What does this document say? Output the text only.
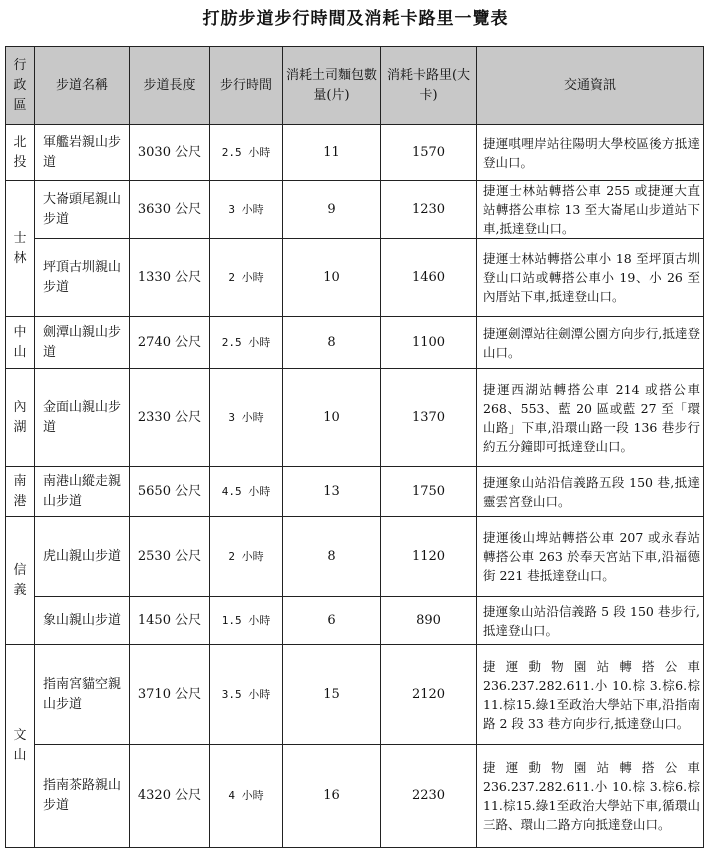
打肪步道步行時間及消耗卡路里一覽表
行政區	步道名稱	步道長度	步行時間	消耗土司麵包數量(片)	消耗卡路里(大卡)	交通資訊
北投	軍艦岩親山步道	3030 公尺	2.5 小時	11	1570	捷運唭哩岸站往陽明大學校區後方抵達登山口。
士林	大崙頭尾親山步道	3630 公尺	3 小時	9	1230	捷運士林站轉搭公車 255 或捷運大直站轉搭公車棕 13 至大崙尾山步道站下車,抵達登山口。
	坪頂古圳親山步道	1330 公尺	2 小時	10	1460	捷運士林站轉搭公車小 18 至坪頂古圳登山口站或轉搭公車小 19、小 26 至內厝站下車,抵達登山口。
中山	劍潭山親山步道	2740 公尺	2.5 小時	8	1100	捷運劍潭站往劍潭公園方向步行,抵達登山口。
內湖	金面山親山步道	2330 公尺	3 小時	10	1370	捷運西湖站轉搭公車 214 或搭公車 268、553、藍 20 區或藍 27 至「環山路」下車,沿環山路一段 136 巷步行約五分鐘即可抵達登山口。
南港	南港山縱走親山步道	5650 公尺	4.5 小時	13	1750	捷運象山站沿信義路五段 150 巷,抵達靈雲宮登山口。
信義	虎山親山步道	2530 公尺	2 小時	8	1120	捷運後山埤站轉搭公車 207 或永春站轉搭公車 263 於奉天宮站下車,沿福德街 221 巷抵達登山口。
	象山親山步道	1450 公尺	1.5 小時	6	890	捷運象山站沿信義路 5 段 150 巷步行,抵達登山口。
文山	指南宮貓空親山步道	3710 公尺	3.5 小時	15	2120	捷運動物園站轉搭公車236.237.282.611.小 10.棕 3.棕6.棕11.棕15.綠1至政治大學站下車,沿指南路 2 段 33 巷方向步行,抵達登山口。
	指南茶路親山步道	4320 公尺	4 小時	16	2230	捷運動物園站轉搭公車236.237.282.611.小 10.棕 3.棕6.棕11.棕15.綠1至政治大學站下車,循環山三路、環山二路方向抵達登山口。
